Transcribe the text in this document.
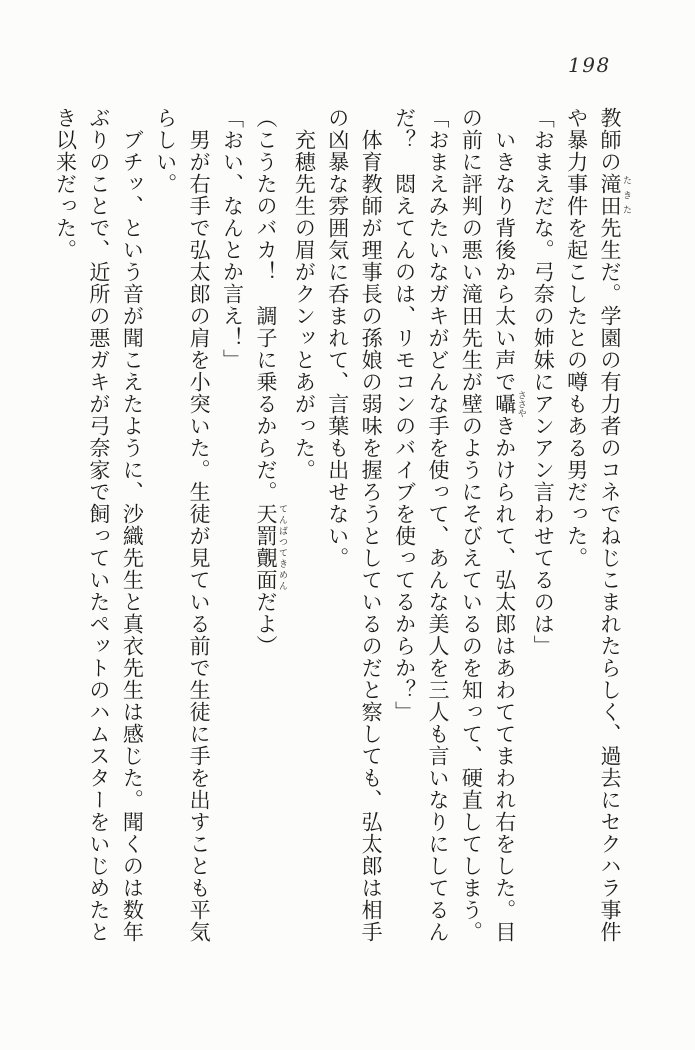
198

教師の滝田 たきた先生だ。学園の有力者のコネでねじこまれたらしく、過去にセクハラ事件や暴力事件を起こしたとの噂もある男だった。

「おまえだな。弓奈の姉妹にアンアン言わせてるのは」

いきなり背後から太い声で囁 ささやきかけられて、弘太郎はあわててまわれ右をした。目の前に評判の悪い滝田先生が壁のようにそびえているのを知って、硬直してしまう。

「おまえみたいなガキがどんな手を使って、あんな美人を三人も言いなりにしてるんだ？　悶えてんのは、リモコンのバイブを使ってるからか？」

体育教師が理事長の孫娘の弱味を握ろうとしているのだと察しても、弘太郎は相手の凶暴な雰囲気に呑まれて、言葉も出せない。

充穂先生の眉がクンッとあがった。

（こうたのバカ！　調子に乗るからだ。天罰覿面 てんばつてきめんだよ）

「おい、なんとか言え！」

男が右手で弘太郎の肩を小突いた。生徒が見ている前で生徒に手を出すことも平気らしい。

ブチッ、という音が聞こえたように、沙織先生と真衣先生は感じた。聞くのは数年ぶりのことで、近所の悪ガキが弓奈家で飼っていたペットのハムスターをいじめたとき以来だった。
